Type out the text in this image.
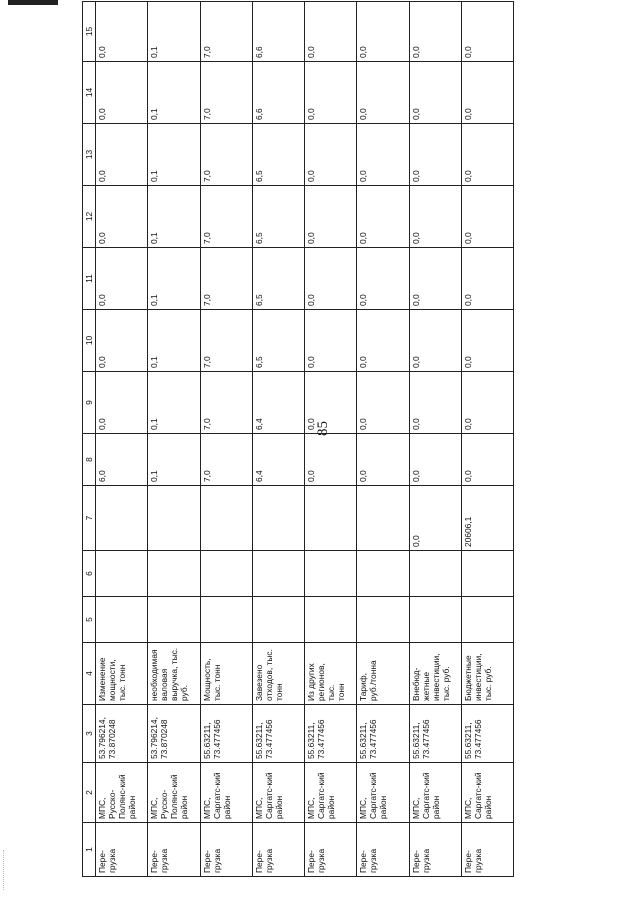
85
1	2	3	4	5	6	7	8	9	10	11	12	13	14	15
Пере-
грузка	МПС,
Русско-
Полянс-кий
район	53.796214,
73.870248	Изменение
мощности,
тыс. тонн				6,0	0,0	0,0	0,0	0,0	0,0	0,0	0,0
Пере-
грузка	МПС,
Русско-
Полянс-кий
район	53.796214,
73.870248	необходимая
валовая
выручка, тыс.
руб.				0,1	0,1	0,1	0,1	0,1	0,1	0,1	0,1
Пере-
грузка	МПС,
Саргатс-кий
район	55.63211,
73.477456	Мощность,
тыс. тонн				7,0	7,0	7,0	7,0	7,0	7,0	7,0	7,0
Пере-
грузка	МПС,
Саргатс-кий
район	55.63211,
73.477456	Завезено
отходов, тыс.
тонн				6,4	6,4	6,5	6,5	6,5	6,5	6,6	6,6
Пере-
грузка	МПС,
Саргатс-кий
район	55.63211,
73.477456	Из других
регионов, тыс.
тонн				0,0	0,0	0,0	0,0	0,0	0,0	0,0	0,0
Пере-
грузка	МПС,
Саргатс-кий
район	55.63211,
73.477456	Тариф,
руб./тонна				0,0	0,0	0,0	0,0	0,0	0,0	0,0	0,0
Пере-
грузка	МПС,
Саргатс-кий
район	55.63211,
73.477456	Внебюд-
жетные
инвестиции,
тыс. руб.			0,0	0,0	0,0	0,0	0,0	0,0	0,0	0,0	0,0
Пере-
грузка	МПС,
Саргатс-кий
район	55.63211,
73.477456	Бюджетные
инвестиции,
тыс. руб.			20606,1	0,0	0,0	0,0	0,0	0,0	0,0	0,0	0,0
